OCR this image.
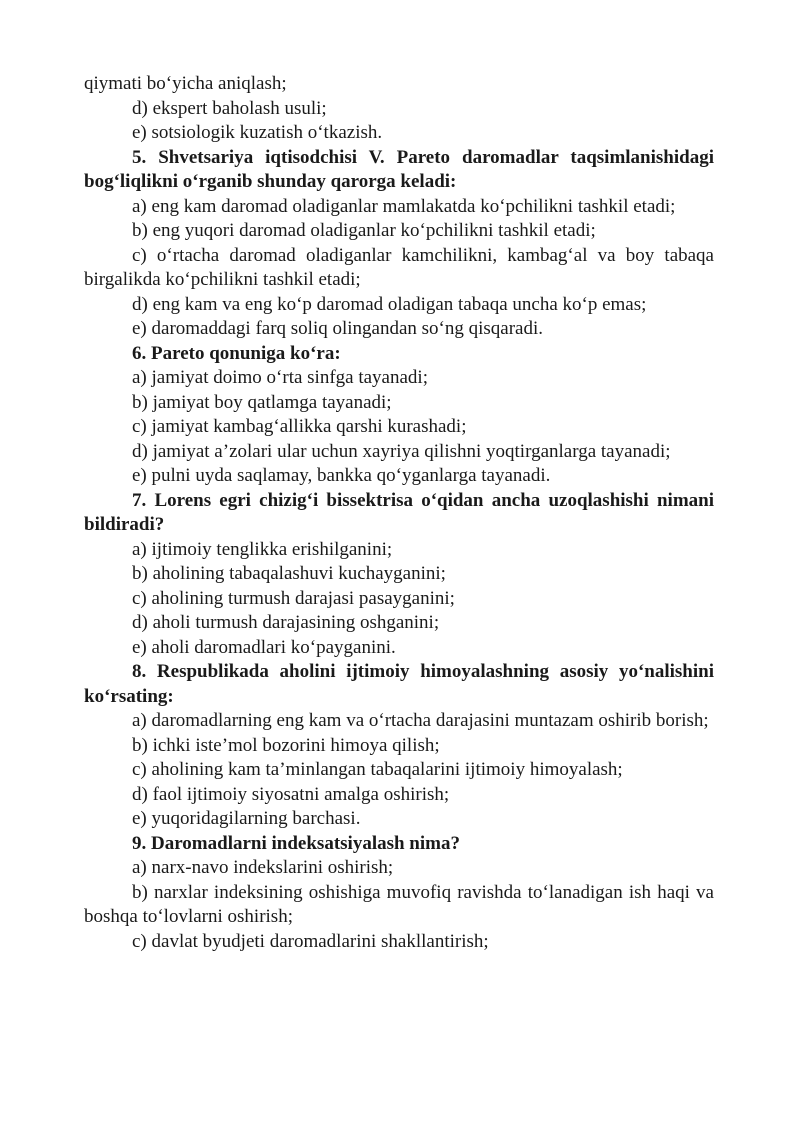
qiymati bo‘yicha aniqlash;

d) ekspert baholash usuli;

e) sotsiologik kuzatish o‘tkazish.

5. Shvetsariya iqtisodchisi V. Pareto daromadlar taqsimlanishidagi bog‘liqlikni o‘rganib shunday qarorga keladi:

a) eng kam daromad oladiganlar mamlakatda ko‘pchilikni tashkil etadi;

b) eng yuqori daromad oladiganlar ko‘pchilikni tashkil etadi;

c) o‘rtacha daromad oladiganlar kamchilikni, kambag‘al va boy tabaqa birgalikda ko‘pchilikni tashkil etadi;

d) eng kam va eng ko‘p daromad oladigan tabaqa uncha ko‘p emas;

e) daromaddagi farq soliq olingandan so‘ng qisqaradi.

6. Pareto qonuniga ko‘ra:

a) jamiyat doimo o‘rta sinfga tayanadi;

b) jamiyat boy qatlamga tayanadi;

c) jamiyat kambag‘allikka qarshi kurashadi;

d) jamiyat a’zolari ular uchun xayriya qilishni yoqtirganlarga tayanadi;

e) pulni uyda saqlamay, bankka qo‘yganlarga tayanadi.

7. Lorens egri chizig‘i bissektrisa o‘qidan ancha uzoqlashishi nimani bildiradi?

a) ijtimoiy tenglikka erishilganini;

b) aholining tabaqalashuvi kuchayganini;

c) aholining turmush darajasi pasayganini;

d) aholi turmush darajasining oshganini;

e) aholi daromadlari ko‘payganini.

8. Respublikada aholini ijtimoiy himoyalashning asosiy yo‘nalishini ko‘rsating:

a) daromadlarning eng kam va o‘rtacha darajasini muntazam oshirib borish;

b) ichki iste’mol bozorini himoya qilish;

c) aholining kam ta’minlangan tabaqalarini ijtimoiy himoyalash;

d) faol ijtimoiy siyosatni amalga oshirish;

e) yuqoridagilarning barchasi.

9. Daromadlarni indeksatsiyalash nima?

a) narx-navo indekslarini oshirish;

b) narxlar indeksining oshishiga muvofiq ravishda to‘lanadigan ish haqi va boshqa to‘lovlarni oshirish;

c) davlat byudjeti daromadlarini shakllantirish;
